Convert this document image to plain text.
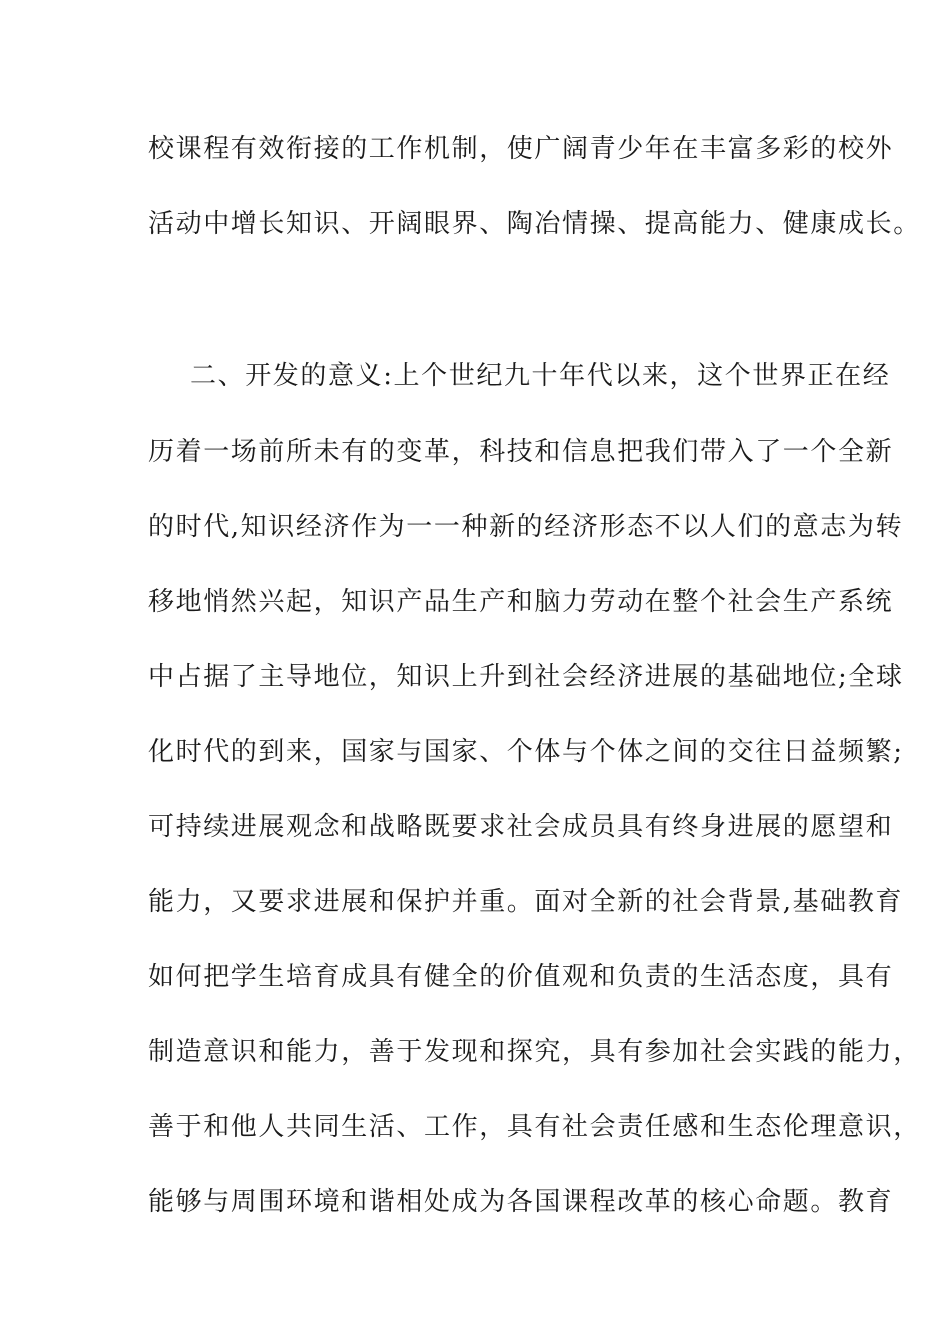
校课程有效衔接的工作机制，使广阔青少年在丰富多彩的校外
活动中增长知识、开阔眼界、陶冶情操、提高能力、健康成长。
二、开发的意义:上个世纪九十年代以来，这个世界正在经
历着一场前所未有的变革，科技和信息把我们带入了一个全新
的时代,知识经济作为一一种新的经济形态不以人们的意志为转
移地悄然兴起，知识产品生产和脑力劳动在整个社会生产系统
中占据了主导地位，知识上升到社会经济进展的基础地位;全球
化时代的到来，国家与国家、个体与个体之间的交往日益频繁;
可持续进展观念和战略既要求社会成员具有终身进展的愿望和
能力，又要求进展和保护并重。面对全新的社会背景,基础教育
如何把学生培育成具有健全的价值观和负责的生活态度，具有
制造意识和能力，善于发现和探究，具有参加社会实践的能力，
善于和他人共同生活、工作，具有社会责任感和生态伦理意识，
能够与周围环境和谐相处成为各国课程改革的核心命题。教育
